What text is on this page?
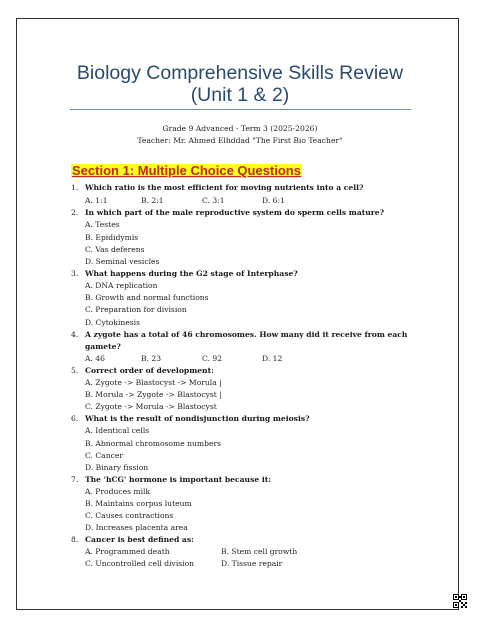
Biology Comprehensive Skills Review
(Unit 1 & 2)
Grade 9 Advanced - Term 3 (2025-2026)
Teacher: Mr. Ahmed Elhddad "The First Bio Teacher"
Section 1: Multiple Choice Questions
1. Which ratio is the most efficient for moving nutrients into a cell?
A. 1:1	B. 2:1	C. 3:1	D. 6:1
2. In which part of the male reproductive system do sperm cells mature?
A. Testes
B. Epididymis
C. Vas deferens
D. Seminal vesicles
3. What happens during the G2 stage of Interphase?
A. DNA replication
B. Growth and normal functions
C. Preparation for division
D. Cytokinesis
4. A zygote has a total of 46 chromosomes. How many did it receive from each
gamete?
A. 46	B. 23	C. 92	D. 12
5. Correct order of development:
A. Zygote -> Blastocyst -> Morula |
B. Morula -> Zygote -> Blastocyst |
C. Zygote -> Morula -> Blastocyst
6. What is the result of nondisjunction during meiosis?
A. Identical cells
B. Abnormal chromosome numbers
C. Cancer
D. Binary fission
7. The 'hCG' hormone is important because it:
A. Produces milk
B. Maintains corpus luteum
C. Causes contractions
D. Increases placenta area
8. Cancer is best defined as:
A. Programmed death	B. Stem cell growth
C. Uncontrolled cell division	D. Tissue repair
